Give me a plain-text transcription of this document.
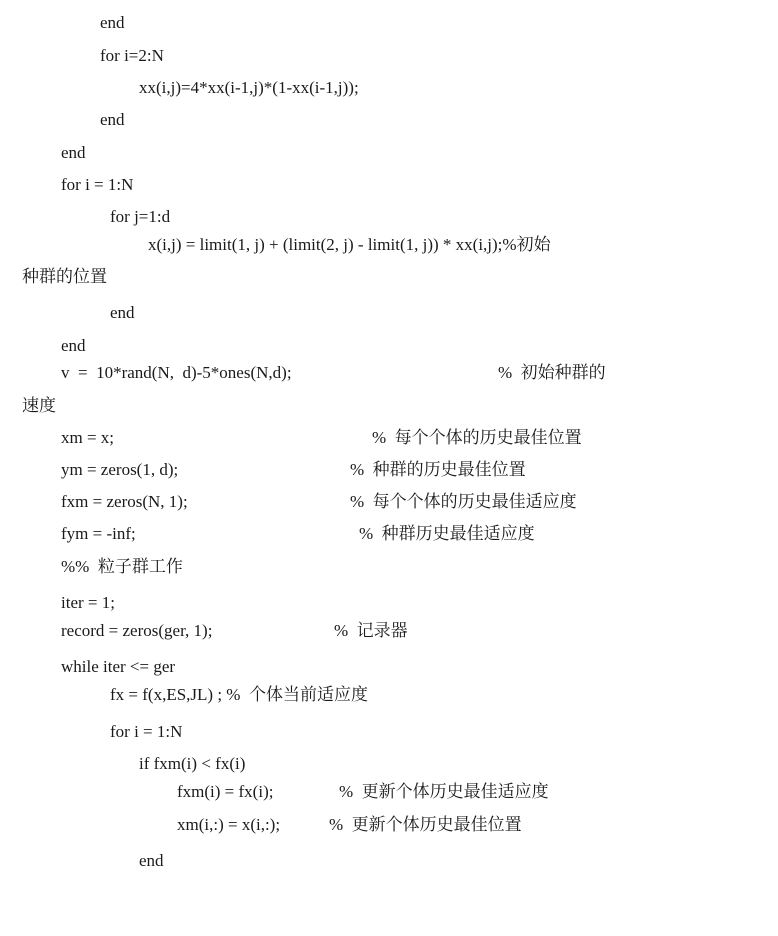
end
for i=2:N
xx(i,j)=4*xx(i-1,j)*(1-xx(i-1,j));
end
end
for i = 1:N
for j=1:d
x(i,j) = limit(1, j) + (limit(2, j) - limit(1, j)) * xx(i,j);%初始
种群的位置
end
end
v  =  10*rand(N,  d)-5*ones(N,d);	%  初始种群的
速度
xm = x;	%  每个个体的历史最佳位置
ym = zeros(1, d);	%  种群的历史最佳位置
fxm = zeros(N, 1);	%  每个个体的历史最佳适应度
fym = -inf;	%  种群历史最佳适应度
%%  粒子群工作
iter = 1;
record = zeros(ger, 1);	%  记录器
while iter <= ger
fx = f(x,ES,JL) ; %  个体当前适应度
for i = 1:N
if fxm(i) < fx(i)
fxm(i) = fx(i);	%  更新个体历史最佳适应度
xm(i,:) = x(i,:);	%  更新个体历史最佳位置
end
